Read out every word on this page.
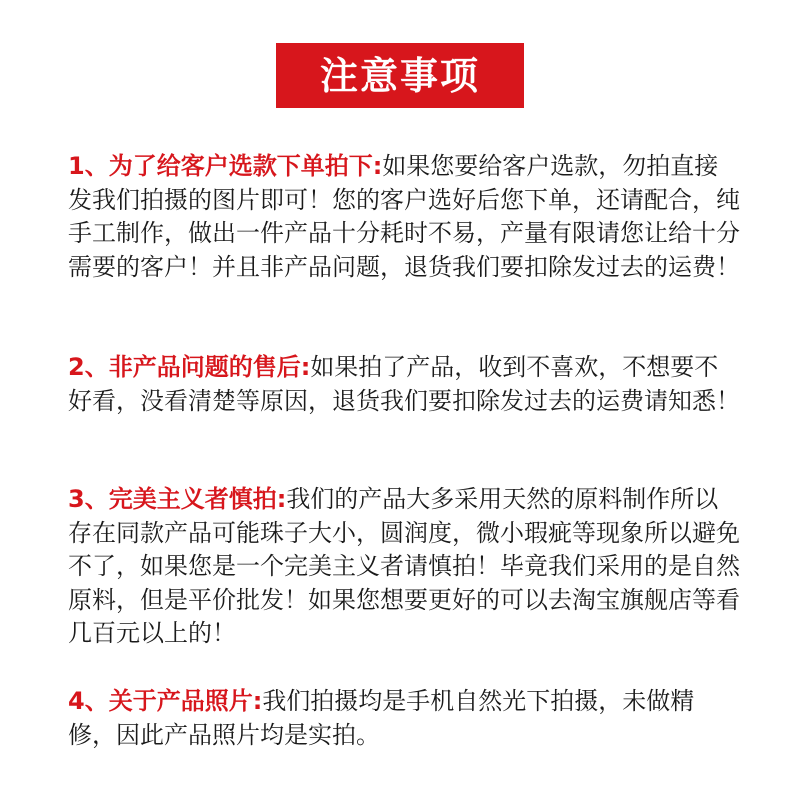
注意事项
1、为了给客户选款下单拍下:如果您要给客户选款，勿拍直接发我们拍摄的图片即可！您的客户选好后您下单，还请配合，纯手工制作，做出一件产品十分耗时不易，产量有限请您让给十分需要的客户！并且非产品问题，退货我们要扣除发过去的运费！
2、非产品问题的售后:如果拍了产品，收到不喜欢，不想要不好看，没看清楚等原因，退货我们要扣除发过去的运费请知悉！
3、完美主义者慎拍:我们的产品大多采用天然的原料制作所以存在同款产品可能珠子大小，圆润度，微小瑕疵等现象所以避免不了，如果您是一个完美主义者请慎拍！毕竟我们采用的是自然原料，但是平价批发！如果您想要更好的可以去淘宝旗舰店等看几百元以上的！
4、关于产品照片:我们拍摄均是手机自然光下拍摄，未做精修，因此产品照片均是实拍。
